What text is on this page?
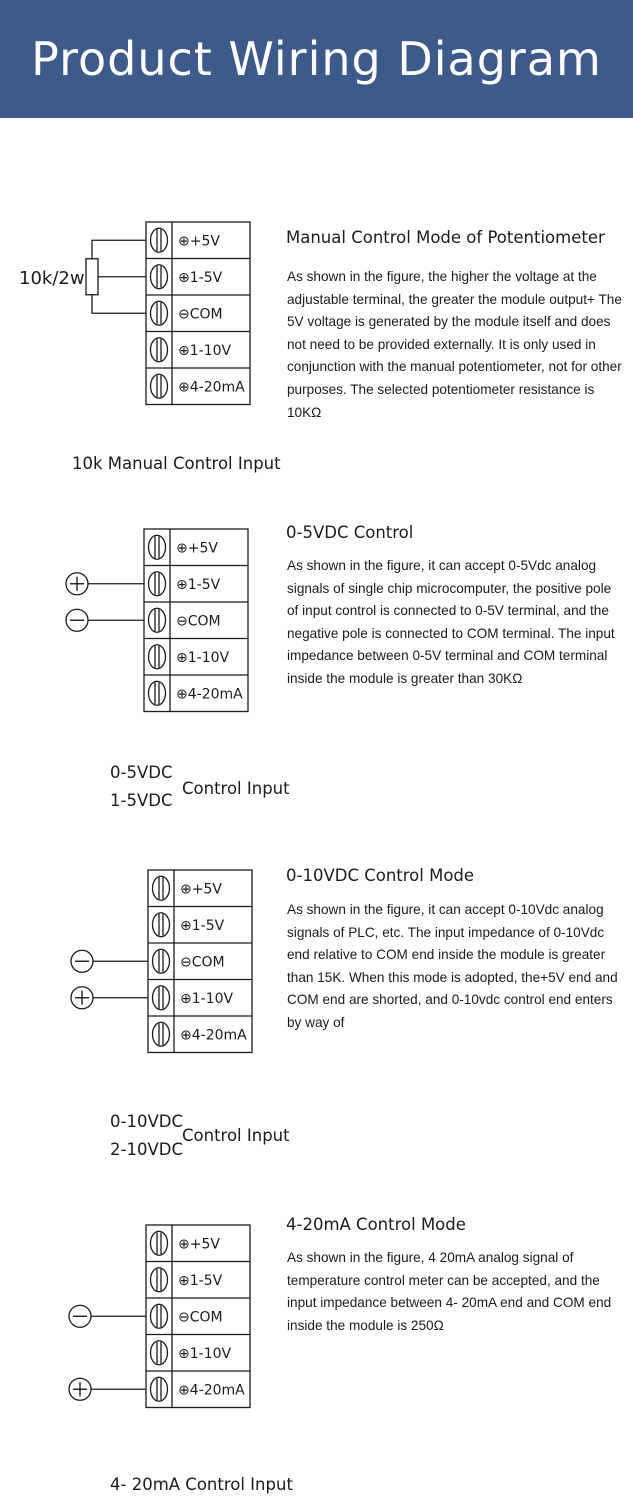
Product Wiring Diagram
⊕+5V
⊕1-5V
⊖COM
⊕1-10V
⊕4-20mA
10k/2w
Manual Control Mode of Potentiometer

As shown in the figure, the higher the voltage at the adjustable terminal, the greater the module output+ The 5V voltage is generated by the module itself and does not need to be provided externally. It is only used in conjunction with the manual potentiometer, not for other purposes. The selected potentiometer resistance is 10KΩ

10k Manual Control Input
⊕+5V
⊕1-5V
⊖COM
⊕1-10V
⊕4-20mA
0-5VDC Control

As shown in the figure, it can accept 0-5Vdc analog signals of single chip microcomputer, the positive pole of input control is connected to 0-5V terminal, and the negative pole is connected to COM terminal. The input impedance between 0-5V terminal and COM terminal inside the module is greater than 30KΩ

0-5VDC
1-5VDC
Control Input
⊕+5V
⊕1-5V
⊖COM
⊕1-10V
⊕4-20mA
0-10VDC Control Mode

As shown in the figure, it can accept 0-10Vdc analog signals of PLC, etc. The input impedance of 0-10Vdc end relative to COM end inside the module is greater than 15K. When this mode is adopted, the+5V end and COM end are shorted, and 0-10vdc control end enters by way of

0-10VDC
2-10VDC
Control Input
⊕+5V
⊕1-5V
⊖COM
⊕1-10V
⊕4-20mA
4-20mA Control Mode

As shown in the figure, 4 20mA analog signal of temperature control meter can be accepted, and the input impedance between 4- 20mA end and COM end inside the module is 250Ω

4- 20mA Control Input
